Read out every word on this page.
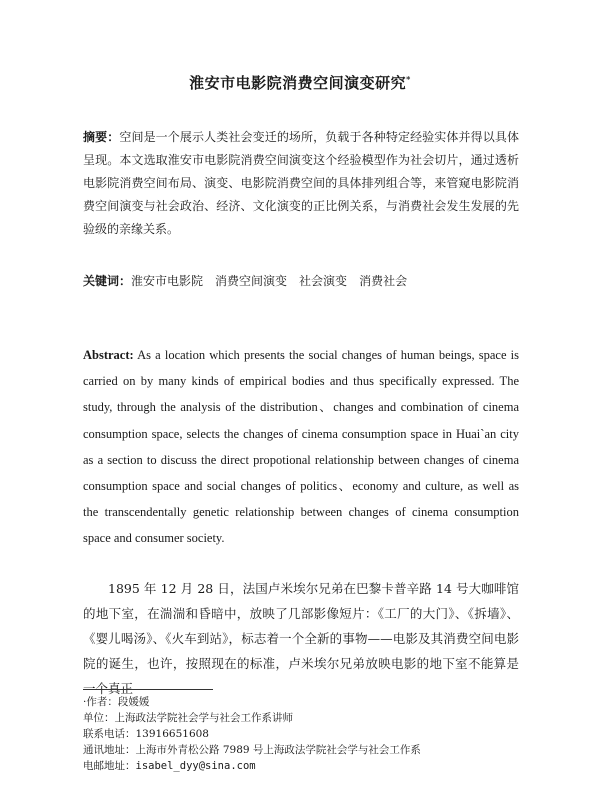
淮安市电影院消费空间演变研究*
摘要：空间是一个展示人类社会变迁的场所，负载于各种特定经验实体并得以具体呈现。本文选取淮安市电影院消费空间演变这个经验模型作为社会切片，通过透析电影院消费空间布局、演变、电影院消费空间的具体排列组合等，来管窥电影院消费空间演变与社会政治、经济、文化演变的正比例关系，与消费社会发生发展的先验级的亲缘关系。
关键词：淮安市电影院 消费空间演变 社会演变 消费社会
Abstract: As a location which presents the social changes of human beings, space is carried on by many kinds of empirical bodies and thus specifically expressed. The study, through the analysis of the distribution、changes and combination of cinema consumption space, selects the changes of cinema consumption space in Huai`an city as a section to discuss the direct propotional relationship between changes of cinema consumption space and social changes of politics、economy and culture, as well as the transcendentally genetic relationship between changes of cinema consumption space and consumer society.
1895 年 12 月 28 日，法国卢米埃尔兄弟在巴黎卡普辛路 14 号大咖啡馆的地下室，在湍湍和昏暗中，放映了几部影像短片：《工厂的大门》、《拆墙》、《婴儿喝汤》、《火车到站》，标志着一个全新的事物——电影及其消费空间电影院的诞生，也许，按照现在的标准，卢米埃尔兄弟放映电影的地下室不能算是一个真正
·作者：段媛媛
单位：上海政法学院社会学与社会工作系讲师
联系电话：13916651608
通讯地址：上海市外青松公路 7989 号上海政法学院社会学与社会工作系
电邮地址：isabel_dyy@sina.com
